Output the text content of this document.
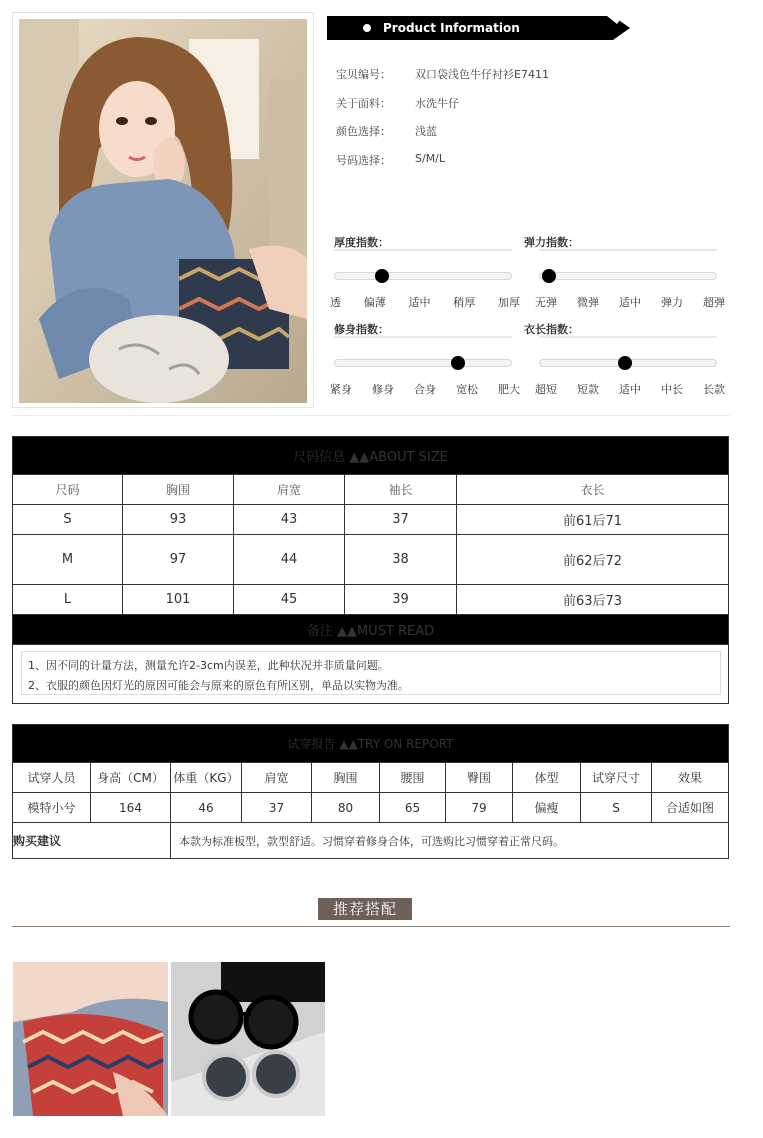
Product Information
宝贝编号：	双口袋浅色牛仔衬衫E7411
关于面料：	水洗牛仔
颜色选择：	浅蓝
号码选择：	S/M/L
厚度指数：
透 偏薄 适中 稍厚 加厚
弹力指数：
无弹 微弹 适中 弹力 超弹
修身指数：
紧身 修身 合身 宽松 肥大
衣长指数：
超短 短款 适中 中长 长款
尺码信息 ▲▲ABOUT SIZE				
尺码	胸围	肩宽	袖长	衣长
S	93	43	37	前61后71
M	97	44	38	前62后72
L	101	45	39	前63后73
备注 ▲▲MUST READ				
1、因不同的计量方法，测量允许2-3cm内误差，此种状况并非质量问题。
2、衣服的颜色因灯光的原因可能会与原来的原色有所区别，单品以实物为准。
试穿报告 ▲▲TRY ON REPORT									
试穿人员	身高（CM）	体重（KG）	肩宽	胸围	腰围	臀围	体型	试穿尺寸	效果
模特小兮	164	46	37	80	65	79	偏瘦	S	合适如图
购买建议		本款为标准板型，款型舒适。习惯穿着修身合体，可选购比习惯穿着正常尺码。							
推荐搭配
